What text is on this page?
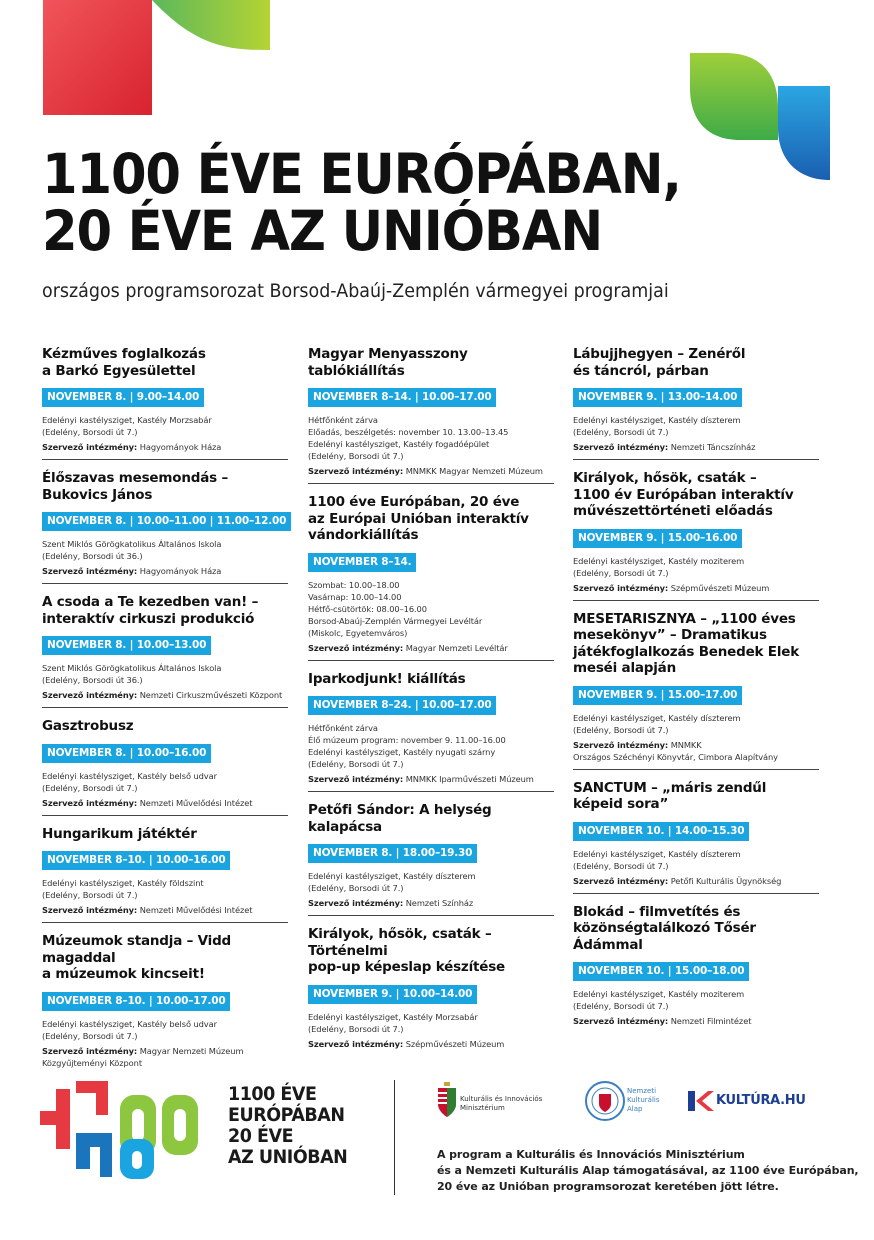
1100 ÉVE EURÓPÁBAN,
20 ÉVE AZ UNIÓBAN
országos programsorozat Borsod-Abaúj-Zemplén vármegyei programjai
Kézműves foglalkozás
a Barkó Egyesülettel
NOVEMBER 8. | 9.00–14.00
Edelényi kastélysziget, Kastély Morzsabár
(Edelény, Borsodi út 7.)
Szervező intézmény: Hagyományok Háza
Élőszavas mesemondás –
Bukovics János
NOVEMBER 8. | 10.00–11.00 | 11.00–12.00
Szent Miklós Görögkatolikus Általános Iskola
(Edelény, Borsodi út 36.)
Szervező intézmény: Hagyományok Háza
A csoda a Te kezedben van! –
interaktív cirkuszi produkció
NOVEMBER 8. | 10.00–13.00
Szent Miklós Görögkatolikus Általános Iskola
(Edelény, Borsodi út 36.)
Szervező intézmény: Nemzeti Cirkuszművészeti Központ
Gasztrobusz
NOVEMBER 8. | 10.00–16.00
Edelényi kastélysziget, Kastély belső udvar
(Edelény, Borsodi út 7.)
Szervező intézmény: Nemzeti Művelődési Intézet
Hungarikum játéktér
NOVEMBER 8–10. | 10.00–16.00
Edelényi kastélysziget, Kastély földszint
(Edelény, Borsodi út 7.)
Szervező intézmény: Nemzeti Művelődési Intézet
Múzeumok standja – Vidd magaddal
a múzeumok kincseit!
NOVEMBER 8–10. | 10.00–17.00
Edelényi kastélysziget, Kastély belső udvar
(Edelény, Borsodi út 7.)
Szervező intézmény: Magyar Nemzeti Múzeum
Közgyűjteményi Központ
Magyar Menyasszony tablókiállítás
NOVEMBER 8–14. | 10.00–17.00
Hétfőnként zárva
Előadás, beszélgetés: november 10. 13.00–13.45
Edelényi kastélysziget, Kastély fogadóépület
(Edelény, Borsodi út 7.)
Szervező intézmény: MNMKK Magyar Nemzeti Múzeum
1100 éve Európában, 20 éve
az Európai Unióban interaktív
vándorkiállítás
NOVEMBER 8–14.
Szombat: 10.00–18.00
Vasárnap: 10.00–14.00
Hétfő-csütörtök: 08.00–16.00
Borsod-Abaúj-Zemplén Vármegyei Levéltár
(Miskolc, Egyetemváros)
Szervező intézmény: Magyar Nemzeti Levéltár
Iparkodjunk! kiállítás
NOVEMBER 8–24. | 10.00–17.00
Hétfőnként zárva
Élő múzeum program: november 9. 11.00–16.00
Edelényi kastélysziget, Kastély nyugati szárny
(Edelény, Borsodi út 7.)
Szervező intézmény: MNMKK Iparművészeti Múzeum
Petőfi Sándor: A helység kalapácsa
NOVEMBER 8. | 18.00–19.30
Edelényi kastélysziget, Kastély díszterem
(Edelény, Borsodi út 7.)
Szervező intézmény: Nemzeti Színház
Királyok, hősök, csaták – Történelmi
pop-up képeslap készítése
NOVEMBER 9. | 10.00–14.00
Edelényi kastélysziget, Kastély Morzsabár
(Edelény, Borsodi út 7.)
Szervező intézmény: Szépművészeti Múzeum
Lábujjhegyen – Zenéről
és táncról, párban
NOVEMBER 9. | 13.00–14.00
Edelényi kastélysziget, Kastély díszterem
(Edelény, Borsodi út 7.)
Szervező intézmény: Nemzeti Táncszínház
Királyok, hősök, csaták –
1100 év Európában interaktív
művészettörténeti előadás
NOVEMBER 9. | 15.00–16.00
Edelényi kastélysziget, Kastély moziterem
(Edelény, Borsodi út 7.)
Szervező intézmény: Szépművészeti Múzeum
MESETARISZNYA – „1100 éves
mesekönyv” – Dramatikus
játékfoglalkozás Benedek Elek
meséi alapján
NOVEMBER 9. | 15.00–17.00
Edelényi kastélysziget, Kastély díszterem
(Edelény, Borsodi út 7.)
Szervező intézmény: MNMKK
Országos Széchényi Könyvtár, Cimbora Alapítvány
SANCTUM – „máris zendűl
képeid sora”
NOVEMBER 10. | 14.00–15.30
Edelényi kastélysziget, Kastély díszterem
(Edelény, Borsodi út 7.)
Szervező intézmény: Petőfi Kulturális Ügynökség
Blokád – filmvetítés és
közönségtalálkozó Tősér Ádámmal
NOVEMBER 10. | 15.00–18.00
Edelényi kastélysziget, Kastély moziterem
(Edelény, Borsodi út 7.)
Szervező intézmény: Nemzeti Filmintézet
1100 ÉVE
EURÓPÁBAN
20 ÉVE
AZ UNIÓBAN
Kulturális és Innovációs
Minisztérium
Nemzeti
Kulturális
Alap
KULTÚRA.HU
A program a Kulturális és Innovációs Minisztérium
és a Nemzeti Kulturális Alap támogatásával, az 1100 éve Európában,
20 éve az Unióban programsorozat keretében jött létre.
